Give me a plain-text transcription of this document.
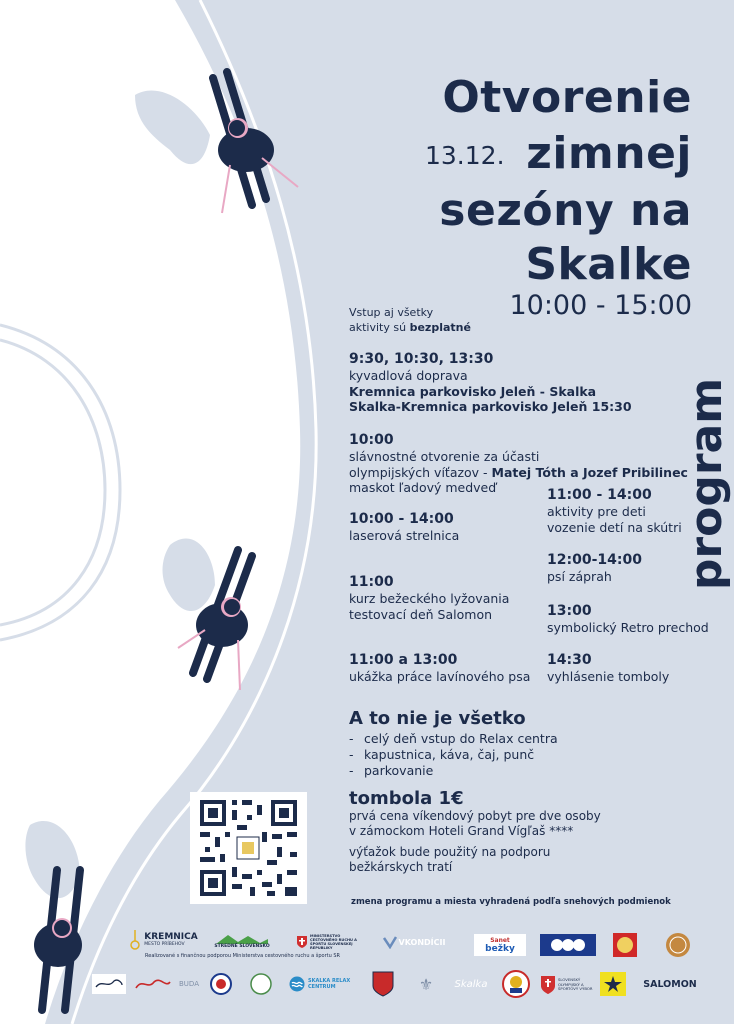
Otvorenie
zimnej
sezóny na
Skalke
13.12.
10:00 - 15:00
program
Vstup aj všetky
aktivity sú bezplatné
9:30, 10:30, 13:30
kyvadlová doprava
Kremnica parkovisko Jeleň - Skalka
Skalka-Kremnica parkovisko Jeleň 15:30
10:00
slávnostné otvorenie za účasti
olympijských víťazov - Matej Tóth a Jozef Pribilinec
maskot ľadový medveď
10:00 - 14:00
laserová strelnica
11:00
kurz bežeckého lyžovania
testovací deň Salomon
11:00 a 13:00
ukážka práce lavínového psa
11:00 - 14:00
aktivity pre deti
vozenie detí na skútri
12:00-14:00
psí záprah
13:00
symbolický Retro prechod
14:30
vyhlásenie tomboly
A to nie je všetko
- celý deň vstup do Relax centra
- kapustnica, káva, čaj, punč
- parkovanie
tombola 1€
prvá cena víkendový pobyt pre dve osoby
v zámockom Hoteli Grand Vígľaš ****
výťažok bude použitý na podporu
bežkárskych tratí
zmena programu a miesta vyhradená podľa snehových podmienok
KREMNICA
MESTO PRÍBEHOV	STREDNÉ SLOVENSKO
MINISTERSTVO CESTOVNÉHO RUCHU A ŠPORTU SLOVENSKEJ REPUBLIKY
Realizované s finančnou podporou Ministerstva cestovného ruchu a športu SR
VKONDÍCII	Sanet
bežky
BUDA	SKALKA RELAX CENTRUM	⚜ Skalka	SLOVENSKÝ OLYMPIJSKÝ A ŠPORTOVÝ VÝBOR	SALOMON
